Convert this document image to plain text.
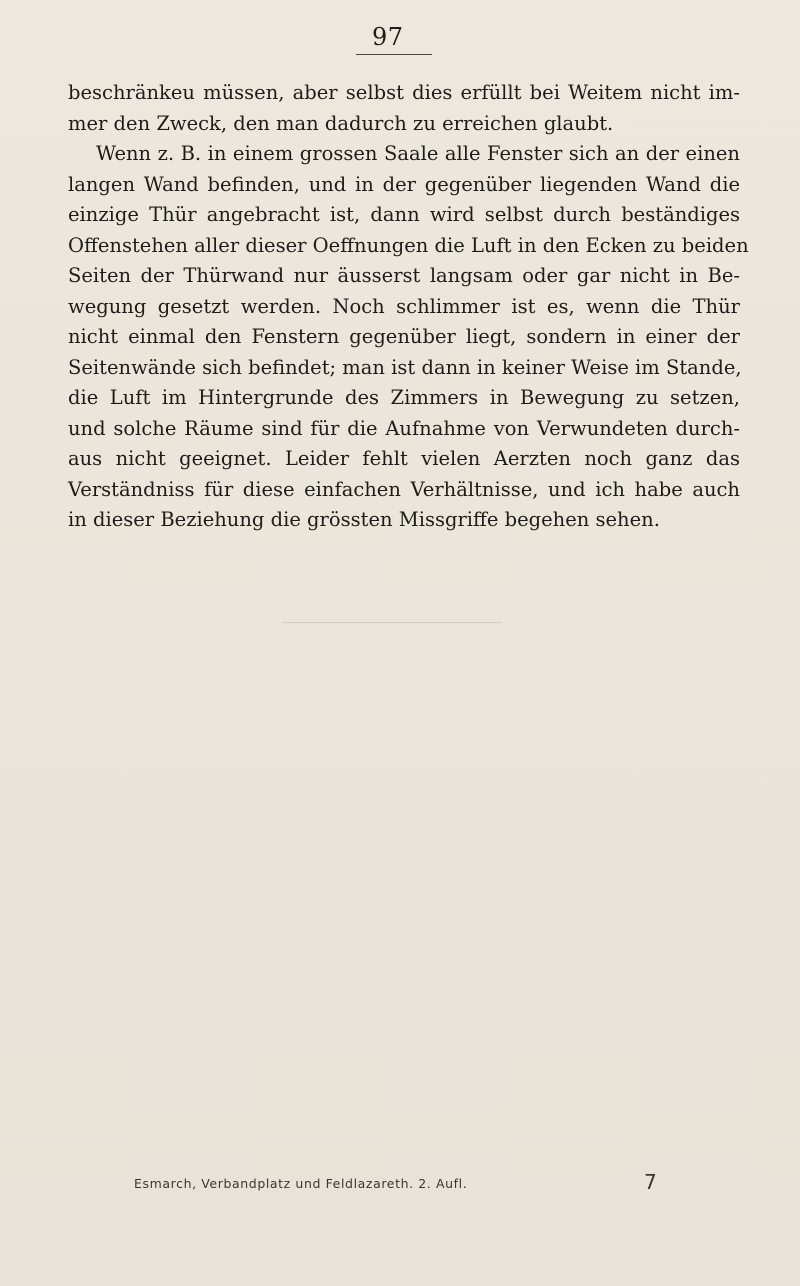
97
beschränkeu müssen, aber selbst dies erfüllt bei Weitem nicht im-
mer den Zweck, den man dadurch zu erreichen glaubt.
Wenn z. B. in einem grossen Saale alle Fenster sich an der einen
langen Wand befinden, und in der gegenüber liegenden Wand die
einzige Thür angebracht ist, dann wird selbst durch beständiges
Offenstehen aller dieser Oeffnungen die Luft in den Ecken zu beiden
Seiten der Thürwand nur äusserst langsam oder gar nicht in Be-
wegung gesetzt werden. Noch schlimmer ist es, wenn die Thür
nicht einmal den Fenstern gegenüber liegt, sondern in einer der
Seitenwände sich befindet; man ist dann in keiner Weise im Stande,
die Luft im Hintergrunde des Zimmers in Bewegung zu setzen,
und solche Räume sind für die Aufnahme von Verwundeten durch-
aus nicht geeignet. Leider fehlt vielen Aerzten noch ganz das
Verständniss für diese einfachen Verhältnisse, und ich habe auch
in dieser Beziehung die grössten Missgriffe begehen sehen.
Esmarch, Verbandplatz und Feldlazareth. 2. Aufl.	7
